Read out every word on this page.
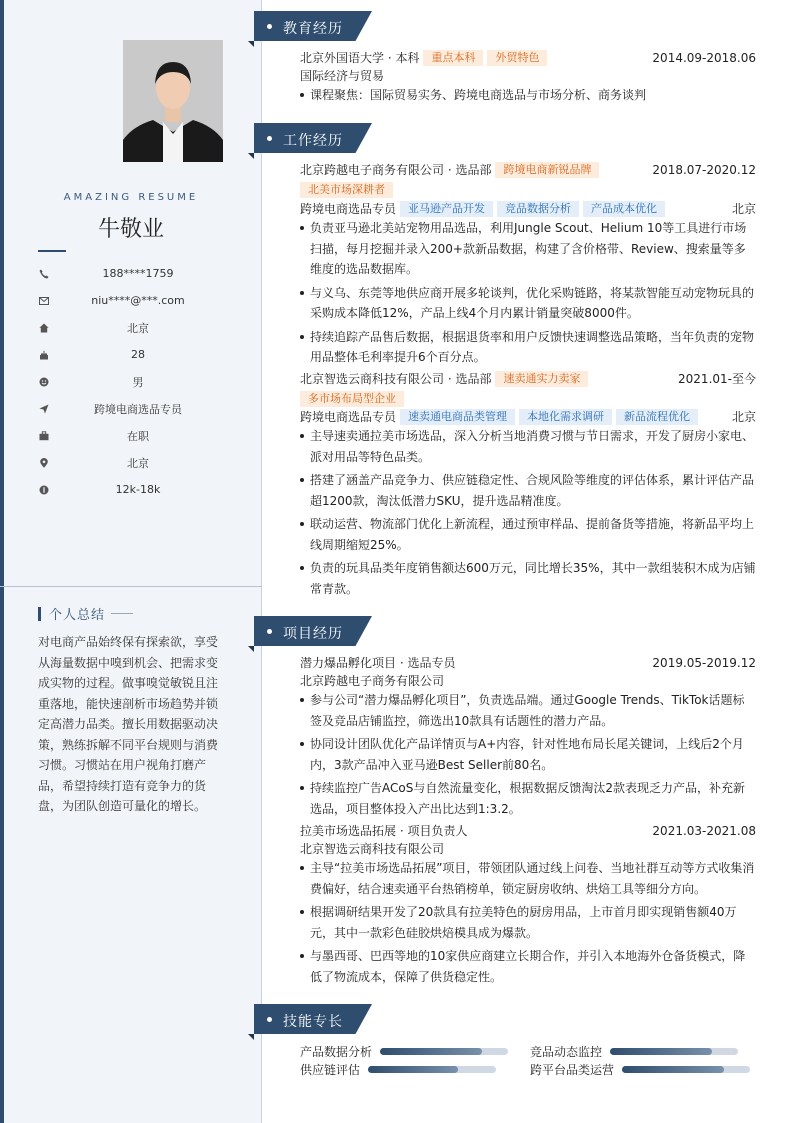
AMAZING RESUME
牛敬业
188****1759
niu****@***.com
北京
28
男
跨境电商选品专员
在职
北京
12k-18k
个人总结
对电商产品始终保有探索欲，享受从海量数据中嗅到机会、把需求变成实物的过程。做事嗅觉敏锐且注重落地，能快速剖析市场趋势并锁定高潜力品类。擅长用数据驱动决策，熟练拆解不同平台规则与消费习惯。习惯站在用户视角打磨产品，希望持续打造有竞争力的货盘，为团队创造可量化的增长。
教育经历
北京外国语大学 · 本科 重点本科 外贸特色	2014.09-2018.06
国际经济与贸易
课程聚焦：国际贸易实务、跨境电商选品与市场分析、商务谈判
工作经历
北京跨越电子商务有限公司 · 选品部 跨境电商新锐品牌	2018.07-2020.12
北美市场深耕者
跨境电商选品专员 亚马逊产品开发 竞品数据分析 产品成本优化	北京
负责亚马逊北美站宠物用品选品，利用Jungle Scout、Helium 10等工具进行市场扫描，每月挖掘并录入200+款新品数据，构建了含价格带、Review、搜索量等多维度的选品数据库。
与义乌、东莞等地供应商开展多轮谈判，优化采购链路，将某款智能互动宠物玩具的采购成本降低12%，产品上线4个月内累计销量突破8000件。
持续追踪产品售后数据，根据退货率和用户反馈快速调整选品策略，当年负责的宠物用品整体毛利率提升6个百分点。
北京智选云商科技有限公司 · 选品部 速卖通实力卖家	2021.01-至今
多市场布局型企业
跨境电商选品专员 速卖通电商品类管理 本地化需求调研 新品流程优化	北京
主导速卖通拉美市场选品，深入分析当地消费习惯与节日需求，开发了厨房小家电、派对用品等特色品类。
搭建了涵盖产品竞争力、供应链稳定性、合规风险等维度的评估体系，累计评估产品超1200款，淘汰低潜力SKU，提升选品精准度。
联动运营、物流部门优化上新流程，通过预审样品、提前备货等措施，将新品平均上线周期缩短25%。
负责的玩具品类年度销售额达600万元，同比增长35%，其中一款组装积木成为店铺常青款。
项目经历
潜力爆品孵化项目 · 选品专员	2019.05-2019.12
北京跨越电子商务有限公司
参与公司“潜力爆品孵化项目”，负责选品端。通过Google Trends、TikTok话题标签及竞品店铺监控，筛选出10款具有话题性的潜力产品。
协同设计团队优化产品详情页与A+内容，针对性地布局长尾关键词，上线后2个月内，3款产品冲入亚马逊Best Seller前80名。
持续监控广告ACoS与自然流量变化，根据数据反馈淘汰2款表现乏力产品，补充新选品，项目整体投入产出比达到1:3.2。
拉美市场选品拓展 · 项目负责人	2021.03-2021.08
北京智选云商科技有限公司
主导“拉美市场选品拓展”项目，带领团队通过线上问卷、当地社群互动等方式收集消费偏好，结合速卖通平台热销榜单，锁定厨房收纳、烘焙工具等细分方向。
根据调研结果开发了20款具有拉美特色的厨房用品，上市首月即实现销售额40万元，其中一款彩色硅胶烘焙模具成为爆款。
与墨西哥、巴西等地的10家供应商建立长期合作，并引入本地海外仓备货模式，降低了物流成本，保障了供货稳定性。
技能专长
产品数据分析	竞品动态监控
供应链评估	跨平台品类运营
